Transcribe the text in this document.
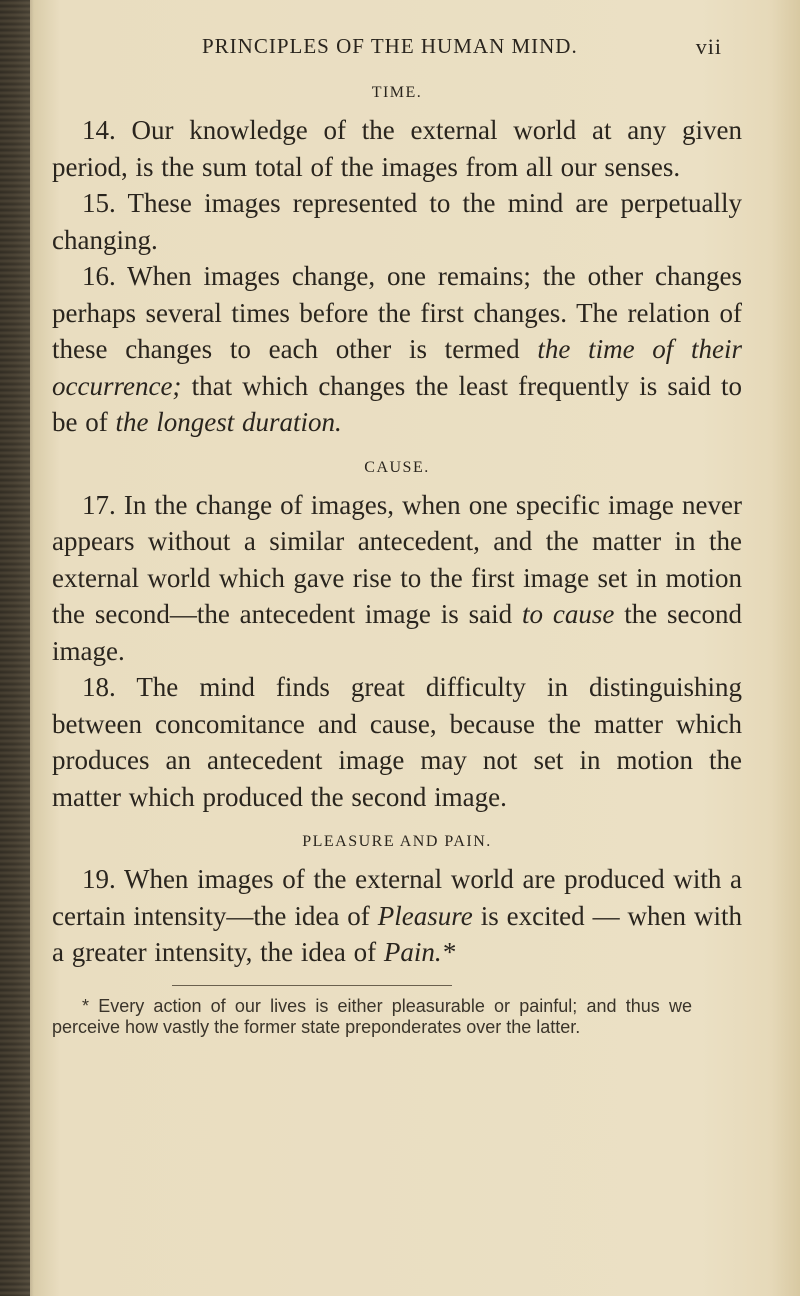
PRINCIPLES OF THE HUMAN MIND.	vii
TIME.

14. Our knowledge of the external world at any given period, is the sum total of the images from all our senses.

15. These images represented to the mind are perpetually changing.

16. When images change, one remains; the other changes perhaps several times before the first changes. The relation of these changes to each other is termed the time of their occurrence; that which changes the least frequently is said to be of the longest duration.

CAUSE.

17. In the change of images, when one specific image never appears without a similar antecedent, and the matter in the external world which gave rise to the first image set in motion the second—the antecedent image is said to cause the second image.

18. The mind finds great difficulty in distinguishing between concomitance and cause, because the matter which produces an antecedent image may not set in motion the matter which produced the second image.

PLEASURE AND PAIN.

19. When images of the external world are produced with a certain intensity—the idea of Pleasure is excited — when with a greater intensity, the idea of Pain.*

* Every action of our lives is either pleasurable or painful; and thus we perceive how vastly the former state preponderates over the latter.
